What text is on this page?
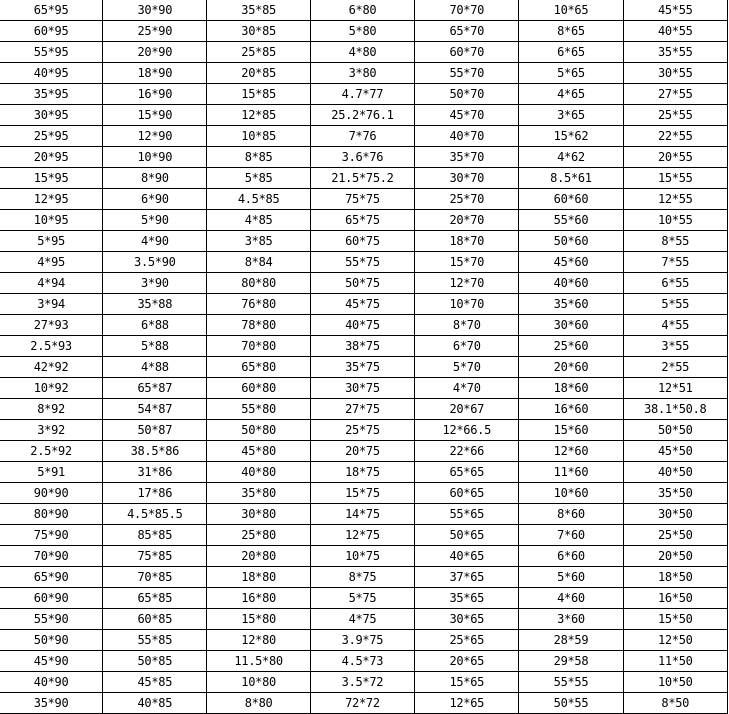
65*95	30*90	35*85	6*80	70*70	10*65	45*55
60*95	25*90	30*85	5*80	65*70	8*65	40*55
55*95	20*90	25*85	4*80	60*70	6*65	35*55
40*95	18*90	20*85	3*80	55*70	5*65	30*55
35*95	16*90	15*85	4.7*77	50*70	4*65	27*55
30*95	15*90	12*85	25.2*76.1	45*70	3*65	25*55
25*95	12*90	10*85	7*76	40*70	15*62	22*55
20*95	10*90	8*85	3.6*76	35*70	4*62	20*55
15*95	8*90	5*85	21.5*75.2	30*70	8.5*61	15*55
12*95	6*90	4.5*85	75*75	25*70	60*60	12*55
10*95	5*90	4*85	65*75	20*70	55*60	10*55
5*95	4*90	3*85	60*75	18*70	50*60	8*55
4*95	3.5*90	8*84	55*75	15*70	45*60	7*55
4*94	3*90	80*80	50*75	12*70	40*60	6*55
3*94	35*88	76*80	45*75	10*70	35*60	5*55
27*93	6*88	78*80	40*75	8*70	30*60	4*55
2.5*93	5*88	70*80	38*75	6*70	25*60	3*55
42*92	4*88	65*80	35*75	5*70	20*60	2*55
10*92	65*87	60*80	30*75	4*70	18*60	12*51
8*92	54*87	55*80	27*75	20*67	16*60	38.1*50.8
3*92	50*87	50*80	25*75	12*66.5	15*60	50*50
2.5*92	38.5*86	45*80	20*75	22*66	12*60	45*50
5*91	31*86	40*80	18*75	65*65	11*60	40*50
90*90	17*86	35*80	15*75	60*65	10*60	35*50
80*90	4.5*85.5	30*80	14*75	55*65	8*60	30*50
75*90	85*85	25*80	12*75	50*65	7*60	25*50
70*90	75*85	20*80	10*75	40*65	6*60	20*50
65*90	70*85	18*80	8*75	37*65	5*60	18*50
60*90	65*85	16*80	5*75	35*65	4*60	16*50
55*90	60*85	15*80	4*75	30*65	3*60	15*50
50*90	55*85	12*80	3.9*75	25*65	28*59	12*50
45*90	50*85	11.5*80	4.5*73	20*65	29*58	11*50
40*90	45*85	10*80	3.5*72	15*65	55*55	10*50
35*90	40*85	8*80	72*72	12*65	50*55	8*50
